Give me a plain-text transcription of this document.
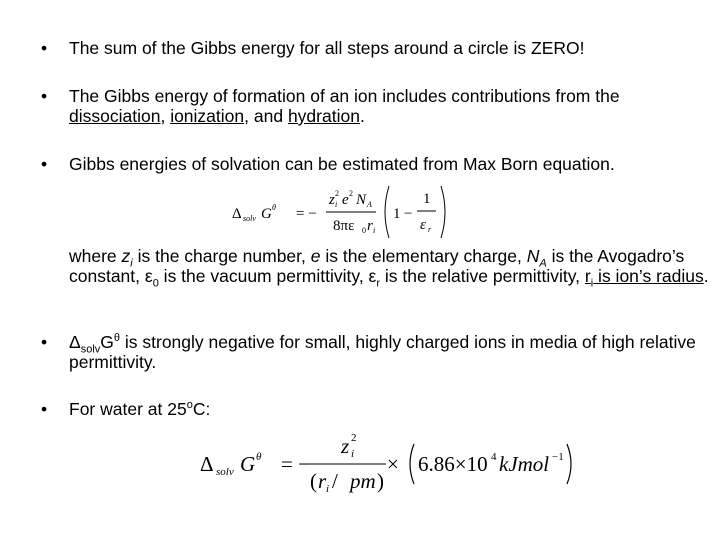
• The sum of the Gibbs energy for all steps around a circle is ZERO!
• The Gibbs energy of formation of an ion includes contributions from the dissociation, ionization, and hydration.
• Gibbs energies of solvation can be estimated from Max Born equation.
Δ solv G θ = −
z i
2 e 2 N A
8πε 0 r i
1 −
1
ε r
where $z_i$ is the charge number, e is the elementary charge, $N_A$ is the Avogadro’s constant, $\varepsilon_0$ is the vacuum permittivity, $\varepsilon_r$ is the relative permittivity, $r_i$ is ion’s radius.
• $\Delta_{solv}G^\theta$ is strongly negative for small, highly charged ions in media of high relative permittivity.
• For water at 25$^o$C:
Δ solv G θ = −
z i
2
( r i / pm )
× 6.86×10 4 kJmol −1
